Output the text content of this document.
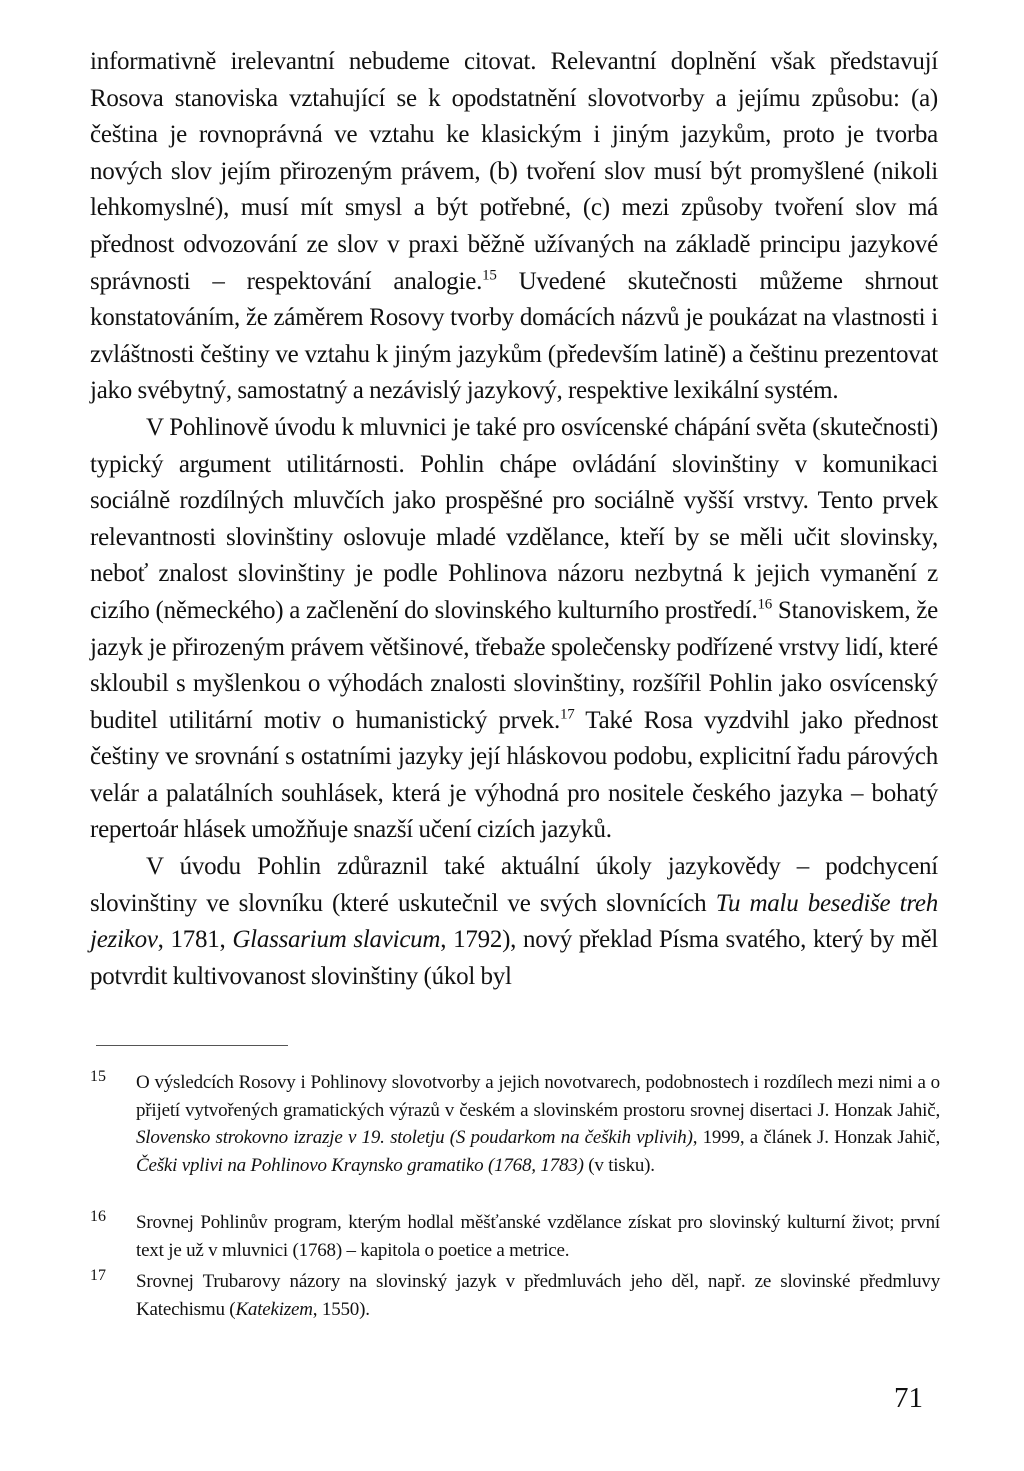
informativně irelevantní nebudeme citovat. Relevantní doplnění však představují Rosova stanoviska vztahující se k opodstatnění slovotvorby a jejímu způsobu: (a) čeština je rovnoprávná ve vztahu ke klasickým i jiným jazykům, proto je tvorba nových slov jejím přirozeným právem, (b) tvoření slov musí být promyšlené (nikoli lehkomyslné), musí mít smysl a být potřebné, (c) mezi způsoby tvoření slov má přednost odvozování ze slov v praxi běžně užívaných na základě principu jazykové správnosti – respektování analogie.$^{15}$ Uvedené skutečnosti můžeme shrnout konstatováním, že záměrem Rosovy tvorby domácích názvů je poukázat na vlastnosti i zvláštnosti češtiny ve vztahu k jiným jazykům (především latině) a češtinu prezentovat jako svébytný, samostatný a nezávislý jazykový, respektive lexikální systém.

V Pohlinově úvodu k mluvnici je také pro osvícenské chápání světa (skutečnosti) typický argument utilitárnosti. Pohlin chápe ovládání slovinštiny v komunikaci sociálně rozdílných mluvčích jako prospěšné pro sociálně vyšší vrstvy. Tento prvek relevantnosti slovinštiny oslovuje mladé vzdělance, kteří by se měli učit slovinsky, neboť znalost slovinštiny je podle Pohlinova názoru nezbytná k jejich vymanění z cizího (německého) a začlenění do slovinského kulturního prostředí.$^{16}$ Stanoviskem, že jazyk je přirozeným právem většinové, třebaže společensky podřízené vrstvy lidí, které skloubil s myšlenkou o výhodách znalosti slovinštiny, rozšířil Pohlin jako osvícenský buditel utilitární motiv o humanistický prvek.$^{17}$ Také Rosa vyzdvihl jako přednost češtiny ve srovnání s ostatními jazyky její hláskovou podobu, explicitní řadu párových velár a palatálních souhlásek, která je výhodná pro nositele českého jazyka – bohatý repertoár hlásek umožňuje snazší učení cizích jazyků.

V úvodu Pohlin zdůraznil také aktuální úkoly jazykovědy – podchycení slovinštiny ve slovníku (které uskutečnil ve svých slovnících Tu malu besediše treh jezikov, 1781, Glassarium slavicum, 1792), nový překlad Písma svatého, který by měl potvrdit kultivovanost slovinštiny (úkol byl

15 O výsledcích Rosovy i Pohlinovy slovotvorby a jejich novotvarech, podobnostech i rozdílech mezi nimi a o přijetí vytvořených gramatických výrazů v českém a slovinském prostoru srovnej disertaci J. Honzak Jahič, Slovensko strokovno izrazje v 19. stoletju (S poudarkom na čeških vplivih), 1999, a článek J. Honzak Jahič, Češki vplivi na Pohlinovo Kraynsko gramatiko (1768, 1783) (v tisku).
16 Srovnej Pohlinův program, kterým hodlal měšťanské vzdělance získat pro slovinský kulturní život; první text je už v mluvnici (1768) – kapitola o poetice a metrice.
17 Srovnej Trubarovy názory na slovinský jazyk v předmluvách jeho děl, např. ze slovinské předmluvy Katechismu (Katekizem, 1550).
71
